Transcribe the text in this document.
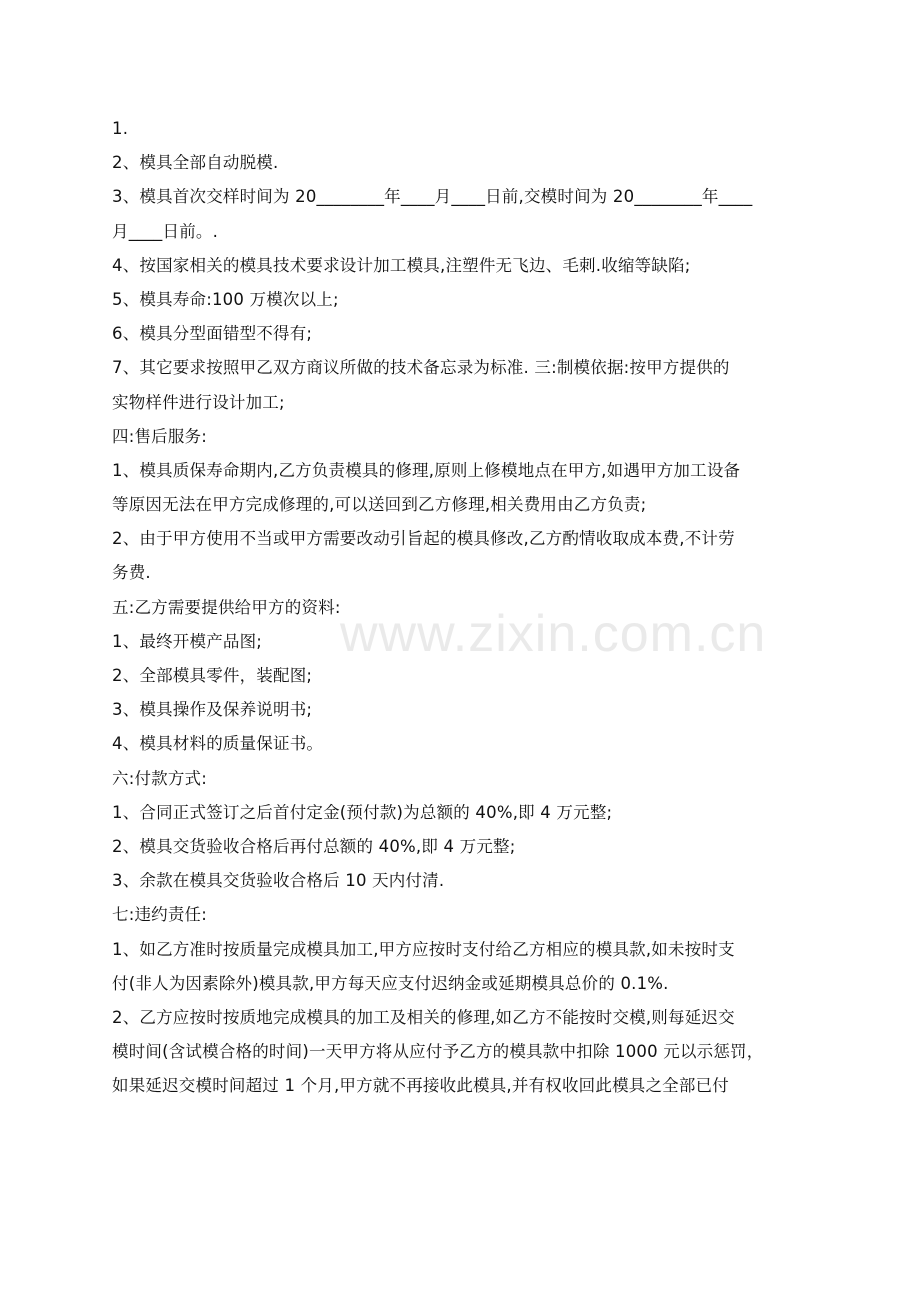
1.
2、模具全部自动脱模.
3、模具首次交样时间为 20________年____月____日前,交模时间为 20________年____
月____日前。.
4、按国家相关的模具技术要求设计加工模具,注塑件无飞边、毛刺.收缩等缺陷;
5、模具寿命:100 万模次以上;
6、模具分型面错型不得有;
7、其它要求按照甲乙双方商议所做的技术备忘录为标准. 三:制模依据:按甲方提供的
实物样件进行设计加工;
四:售后服务:
1、模具质保寿命期内,乙方负责模具的修理,原则上修模地点在甲方,如遇甲方加工设备
等原因无法在甲方完成修理的,可以送回到乙方修理,相关费用由乙方负责;
2、由于甲方使用不当或甲方需要改动引旨起的模具修改,乙方酌情收取成本费,不计劳
务费.
五:乙方需要提供给甲方的资料:
1、最终开模产品图;
2、全部模具零件，装配图;
3、模具操作及保养说明书;
4、模具材料的质量保证书。
六:付款方式:
1、合同正式签订之后首付定金(预付款)为总额的 40%,即 4 万元整;
2、模具交货验收合格后再付总额的 40%,即 4 万元整;
3、余款在模具交货验收合格后 10 天内付清.
七:违约责任:
1、如乙方准时按质量完成模具加工,甲方应按时支付给乙方相应的模具款,如未按时支
付(非人为因素除外)模具款,甲方每天应支付迟纳金或延期模具总价的 0.1%.
2、乙方应按时按质地完成模具的加工及相关的修理,如乙方不能按时交模,则每延迟交
模时间(含试模合格的时间)一天甲方将从应付予乙方的模具款中扣除 1000 元以示惩罚，
如果延迟交模时间超过 1 个月,甲方就不再接收此模具,并有权收回此模具之全部已付
www.zixin.com.cn
